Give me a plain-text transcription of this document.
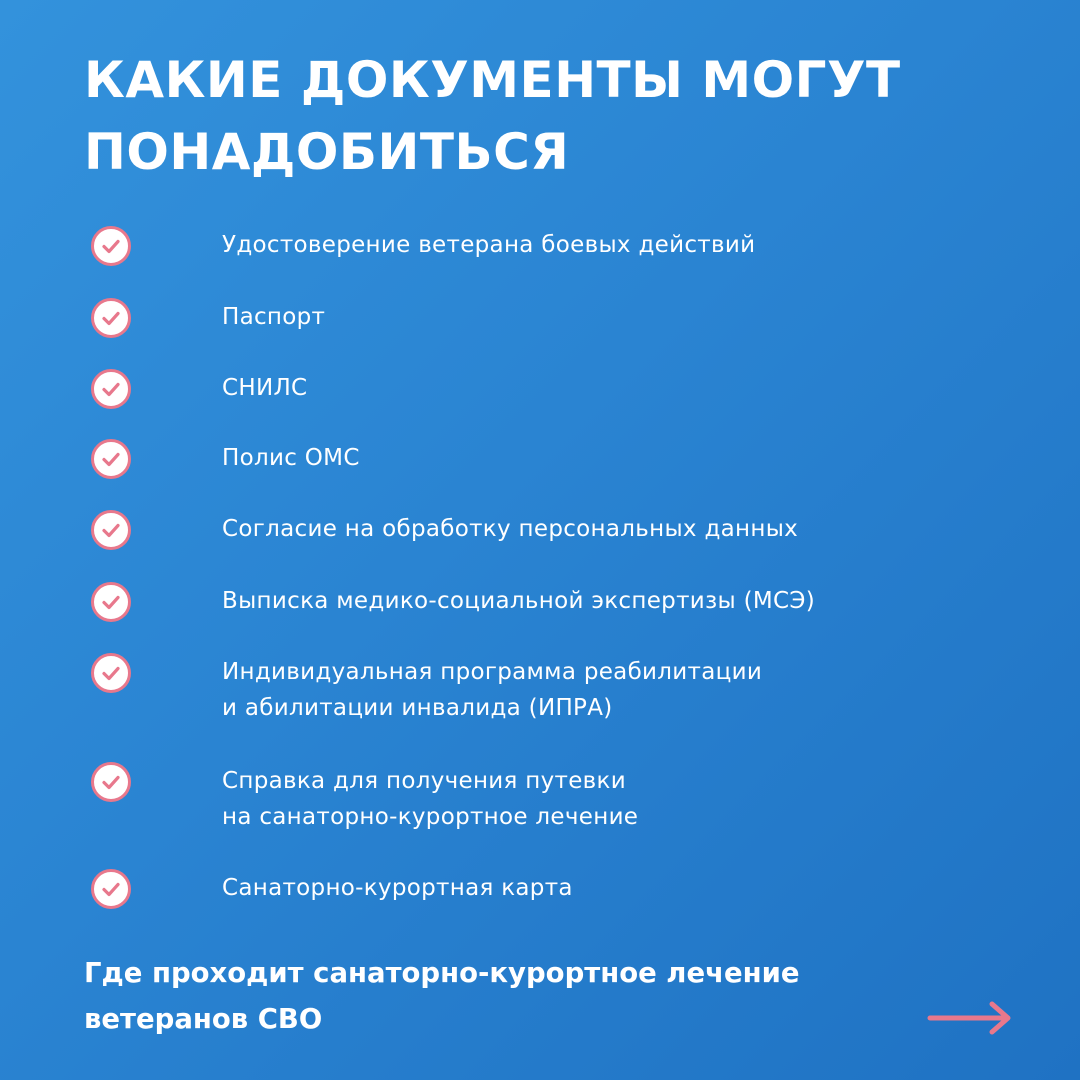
КАКИЕ ДОКУМЕНТЫ МОГУТ
ПОНАДОБИТЬСЯ
Удостоверение ветерана боевых действий
Паспорт
СНИЛС
Полис ОМС
Согласие на обработку персональных данных
Выписка медико-социальной экспертизы (МСЭ)
Индивидуальная программа реабилитации
и абилитации инвалида (ИПРА)
Справка для получения путевки
на санаторно-курортное лечение
Санаторно-курортная карта

Где проходит санаторно-курортное лечение
ветеранов СВО
